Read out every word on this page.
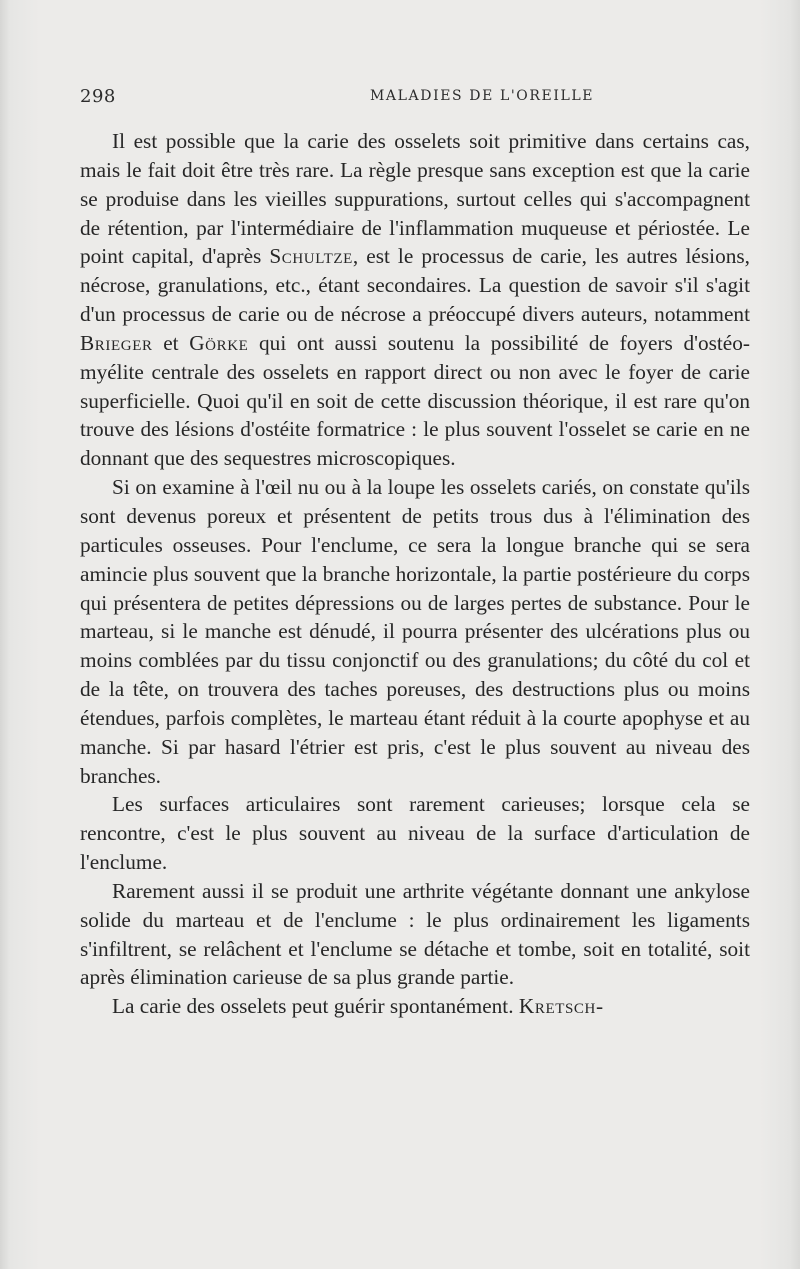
298	MALADIES DE L'OREILLE

Il est possible que la carie des osselets soit primitive dans certains cas, mais le fait doit être très rare. La règle presque sans exception est que la carie se produise dans les vieilles suppurations, surtout celles qui s'accompagnent de rétention, par l'intermédiaire de l'inflammation muqueuse et périostée. Le point capital, d'après Schultze, est le processus de carie, les autres lésions, nécrose, granulations, etc., étant secondaires. La question de savoir s'il s'agit d'un processus de carie ou de nécrose a préoccupé divers auteurs, notamment Brieger et Görke qui ont aussi soutenu la possibilité de foyers d'ostéo-myélite centrale des osselets en rapport direct ou non avec le foyer de carie superficielle. Quoi qu'il en soit de cette discussion théorique, il est rare qu'on trouve des lésions d'ostéite formatrice : le plus souvent l'osselet se carie en ne donnant que des sequestres microscopiques.

Si on examine à l'œil nu ou à la loupe les osselets cariés, on constate qu'ils sont devenus poreux et présentent de petits trous dus à l'élimination des particules osseuses. Pour l'enclume, ce sera la longue branche qui se sera amincie plus souvent que la branche horizontale, la partie postérieure du corps qui présentera de petites dépressions ou de larges pertes de substance. Pour le marteau, si le manche est dénudé, il pourra présenter des ulcérations plus ou moins comblées par du tissu conjonctif ou des granulations; du côté du col et de la tête, on trouvera des taches poreuses, des destructions plus ou moins étendues, parfois complètes, le marteau étant réduit à la courte apophyse et au manche. Si par hasard l'étrier est pris, c'est le plus souvent au niveau des branches.

Les surfaces articulaires sont rarement carieuses; lorsque cela se rencontre, c'est le plus souvent au niveau de la surface d'articulation de l'enclume.

Rarement aussi il se produit une arthrite végétante donnant une ankylose solide du marteau et de l'enclume : le plus ordinairement les ligaments s'infiltrent, se relâchent et l'enclume se détache et tombe, soit en totalité, soit après élimination carieuse de sa plus grande partie.

La carie des osselets peut guérir spontanément. Kretsch-
